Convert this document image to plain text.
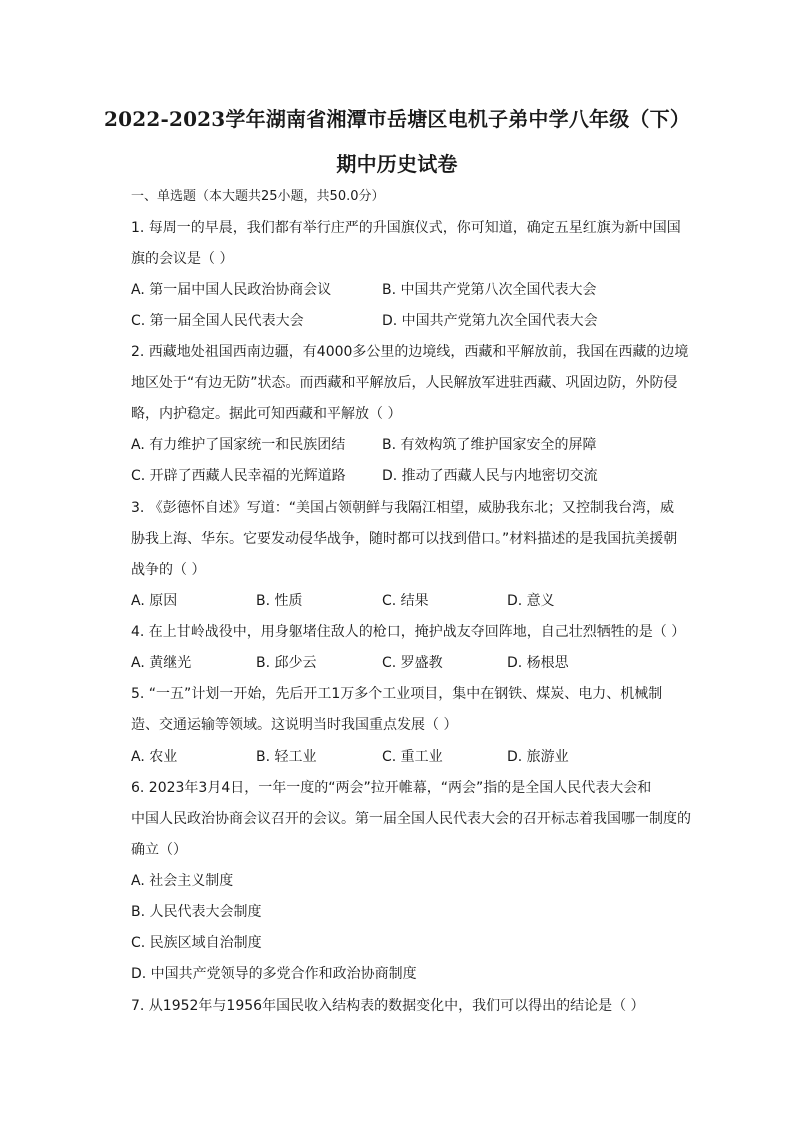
2022-2023学年湖南省湘潭市岳塘区电机子弟中学八年级（下）
期中历史试卷
一、单选题（本大题共25小题，共50.0分）
1. 每周一的早晨，我们都有举行庄严的升国旗仪式，你可知道，确定五星红旗为新中国国
旗的会议是（ ）
A. 第一届中国人民政治协商会议	B. 中国共产党第八次全国代表大会
C. 第一届全国人民代表大会	D. 中国共产党第九次全国代表大会
2. 西藏地处祖国西南边疆，有4000多公里的边境线，西藏和平解放前，我国在西藏的边境
地区处于“有边无防”状态。而西藏和平解放后，人民解放军进驻西藏、巩固边防，外防侵
略，内护稳定。据此可知西藏和平解放（ ）
A. 有力维护了国家统一和民族团结	B. 有效构筑了维护国家安全的屏障
C. 开辟了西藏人民幸福的光辉道路	D. 推动了西藏人民与内地密切交流
3. 《彭德怀自述》写道：“美国占领朝鲜与我隔江相望，威胁我东北；又控制我台湾，威
胁我上海、华东。它要发动侵华战争，随时都可以找到借口。”材料描述的是我国抗美援朝
战争的（ ）
A. 原因	B. 性质	C. 结果	D. 意义
4. 在上甘岭战役中，用身躯堵住敌人的枪口，掩护战友夺回阵地，自己壮烈牺牲的是（ ）
A. 黄继光	B. 邱少云	C. 罗盛教	D. 杨根思
5. “一五”计划一开始，先后开工1万多个工业项目，集中在钢铁、煤炭、电力、机械制
造、交通运输等领域。这说明当时我国重点发展（ ）
A. 农业	B. 轻工业	C. 重工业	D. 旅游业
6. 2023年3月4日，一年一度的“两会”拉开帷幕，“两会”指的是全国人民代表大会和
中国人民政治协商会议召开的会议。第一届全国人民代表大会的召开标志着我国哪一制度的
确立（）
A. 社会主义制度
B. 人民代表大会制度
C. 民族区域自治制度
D. 中国共产党领导的多党合作和政治协商制度
7. 从1952年与1956年国民收入结构表的数据变化中，我们可以得出的结论是（ ）
